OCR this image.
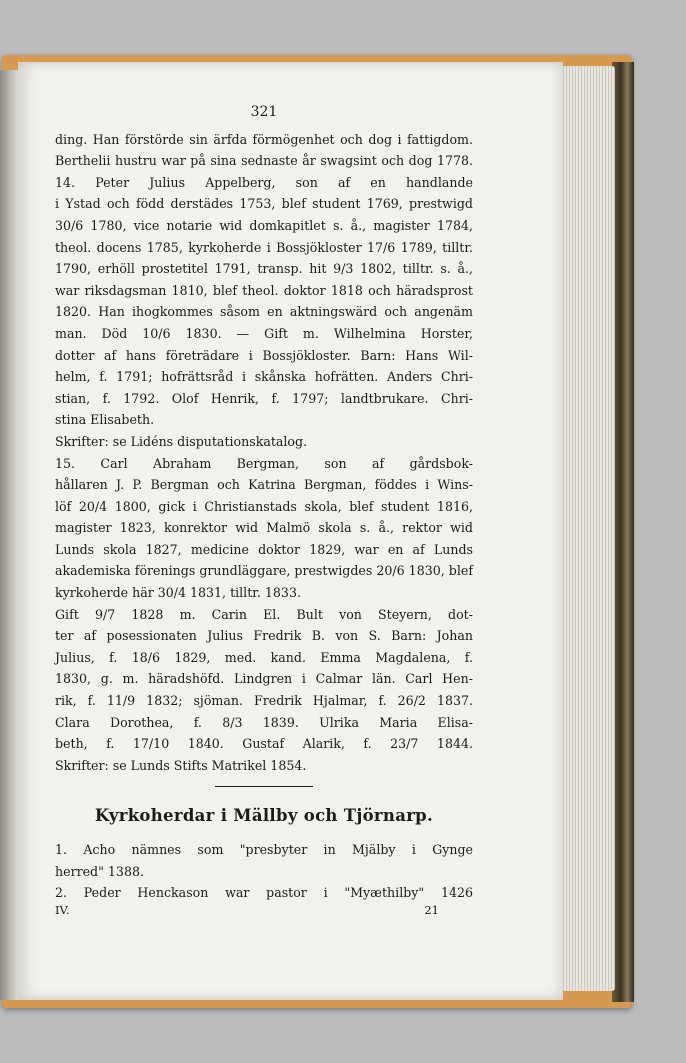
321
ding. Han förstörde sin ärfda förmögenhet och dog i fattigdom.
Berthelii hustru war på sina sednaste år swagsint och dog 1778.
14. Peter Julius Appelberg, son af en handlande
i Ystad och född derstädes 1753, blef student 1769, prestwigd
30/6 1780, vice notarie wid domkapitlet s. å., magister 1784,
theol. docens 1785, kyrkoherde i Bossjökloster 17/6 1789, tilltr.
1790, erhöll prostetitel 1791, transp. hit 9/3 1802, tilltr. s. å.,
war riksdagsman 1810, blef theol. doktor 1818 och häradsprost
1820. Han ihogkommes såsom en aktningswärd och angenäm
man. Död 10/6 1830. — Gift m. Wilhelmina Horster,
dotter af hans företrädare i Bossjökloster. Barn: Hans Wil-
helm, f. 1791; hofrättsråd i skånska hofrätten. Anders Chri-
stian, f. 1792. Olof Henrik, f. 1797; landtbrukare. Chri-
stina Elisabeth.
Skrifter: se Lidéns disputationskatalog.
15. Carl Abraham Bergman, son af gårdsbok-
hållaren J. P. Bergman och Katrina Bergman, föddes i Wins-
löf 20/4 1800, gick i Christianstads skola, blef student 1816,
magister 1823, konrektor wid Malmö skola s. å., rektor wid
Lunds skola 1827, medicine doktor 1829, war en af Lunds
akademiska förenings grundläggare, prestwigdes 20/6 1830, blef
kyrkoherde här 30/4 1831, tilltr. 1833.
Gift 9/7 1828 m. Carin El. Bult von Steyern, dot-
ter af posessionaten Julius Fredrik B. von S. Barn: Johan
Julius, f. 18/6 1829, med. kand. Emma Magdalena, f.
1830, g. m. häradshöfd. Lindgren i Calmar län. Carl Hen-
rik, f. 11/9 1832; sjöman. Fredrik Hjalmar, f. 26/2 1837.
Clara Dorothea, f. 8/3 1839. Ulrika Maria Elisa-
beth, f. 17/10 1840. Gustaf Alarik, f. 23/7 1844.
Skrifter: se Lunds Stifts Matrikel 1854.
Kyrkoherdar i Mällby och Tjörnarp.
1. Acho nämnes som "presbyter in Mjälby i Gynge
herred" 1388.
2. Peder Henckason war pastor i "Myæthilby" 1426
IV.	21
